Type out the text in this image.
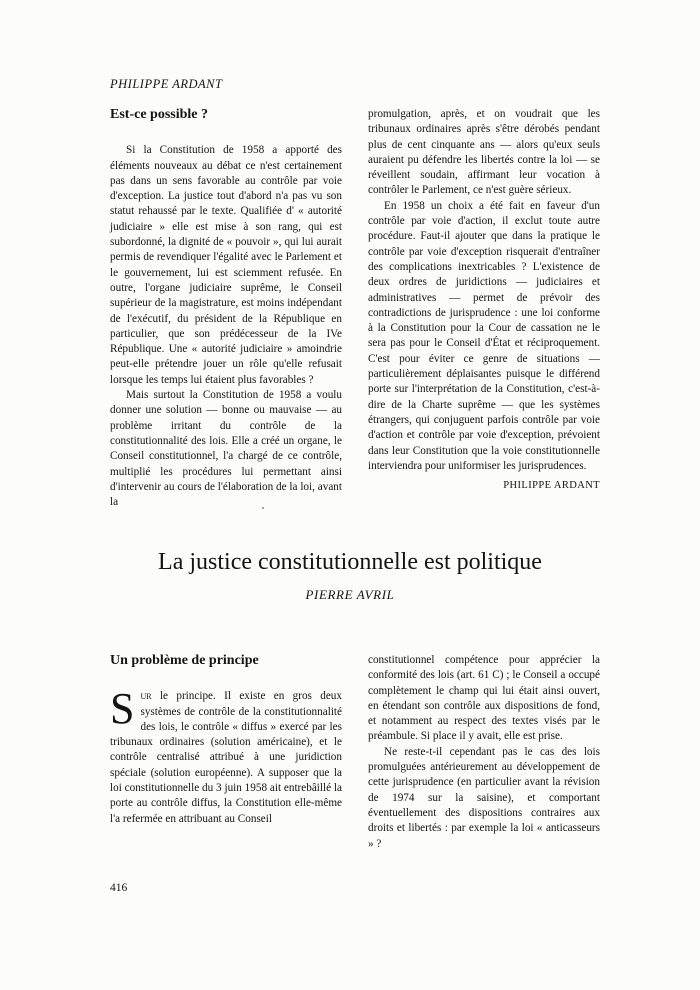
PHILIPPE ARDANT
Est-ce possible ?

Si la Constitution de 1958 a apporté des éléments nouveaux au débat ce n'est certainement pas dans un sens favorable au contrôle par voie d'exception. La justice tout d'abord n'a pas vu son statut rehaussé par le texte. Qualifiée d' « autorité judiciaire » elle est mise à son rang, qui est subordonné, la dignité de « pouvoir », qui lui aurait permis de revendiquer l'égalité avec le Parlement et le gouvernement, lui est sciemment refusée. En outre, l'organe judiciaire suprême, le Conseil supérieur de la magistrature, est moins indépendant de l'exécutif, du président de la République en particulier, que son prédécesseur de la IVe République. Une « autorité judiciaire » amoindrie peut-elle prétendre jouer un rôle qu'elle refusait lorsque les temps lui étaient plus favorables ?

Mais surtout la Constitution de 1958 a voulu donner une solution — bonne ou mauvaise — au problème irritant du contrôle de la constitutionnalité des lois. Elle a créé un organe, le Conseil constitutionnel, l'a chargé de ce contrôle, multiplié les procédures lui permettant ainsi d'intervenir au cours de l'élaboration de la loi, avant la

promulgation, après, et on voudrait que les tribunaux ordinaires après s'être dérobés pendant plus de cent cinquante ans — alors qu'eux seuls auraient pu défendre les libertés contre la loi — se réveillent soudain, affirmant leur vocation à contrôler le Parlement, ce n'est guère sérieux.

En 1958 un choix a été fait en faveur d'un contrôle par voie d'action, il exclut toute autre procédure. Faut-il ajouter que dans la pratique le contrôle par voie d'exception risquerait d'entraîner des complications inextricables ? L'existence de deux ordres de juridictions — judiciaires et administratives — permet de prévoir des contradictions de jurisprudence : une loi conforme à la Constitution pour la Cour de cassation ne le sera pas pour le Conseil d'État et réciproquement. C'est pour éviter ce genre de situations — particulièrement déplaisantes puisque le différend porte sur l'interprétation de la Constitution, c'est-à-dire de la Charte suprême — que les systèmes étrangers, qui conjuguent parfois contrôle par voie d'action et contrôle par voie d'exception, prévoient dans leur Constitution que la voie constitutionnelle interviendra pour uniformiser les jurisprudences.

PHILIPPE ARDANT
La justice constitutionnelle est politique
PIERRE AVRIL
Un problème de principe

Sur le principe. Il existe en gros deux systèmes de contrôle de la constitutionnalité des lois, le contrôle « diffus » exercé par les tribunaux ordinaires (solution américaine), et le contrôle centralisé attribué à une juridiction spéciale (solution européenne). A supposer que la loi constitutionnelle du 3 juin 1958 ait entrebâillé la porte au contrôle diffus, la Constitution elle-même l'a refermée en attribuant au Conseil

constitutionnel compétence pour apprécier la conformité des lois (art. 61 C) ; le Conseil a occupé complètement le champ qui lui était ainsi ouvert, en étendant son contrôle aux dispositions de fond, et notamment au respect des textes visés par le préambule. Si place il y avait, elle est prise.

Ne reste-t-il cependant pas le cas des lois promulguées antérieurement au développement de cette jurisprudence (en particulier avant la révision de 1974 sur la saisine), et comportant éventuellement des dispositions contraires aux droits et libertés : par exemple la loi « anticasseurs » ?

416
